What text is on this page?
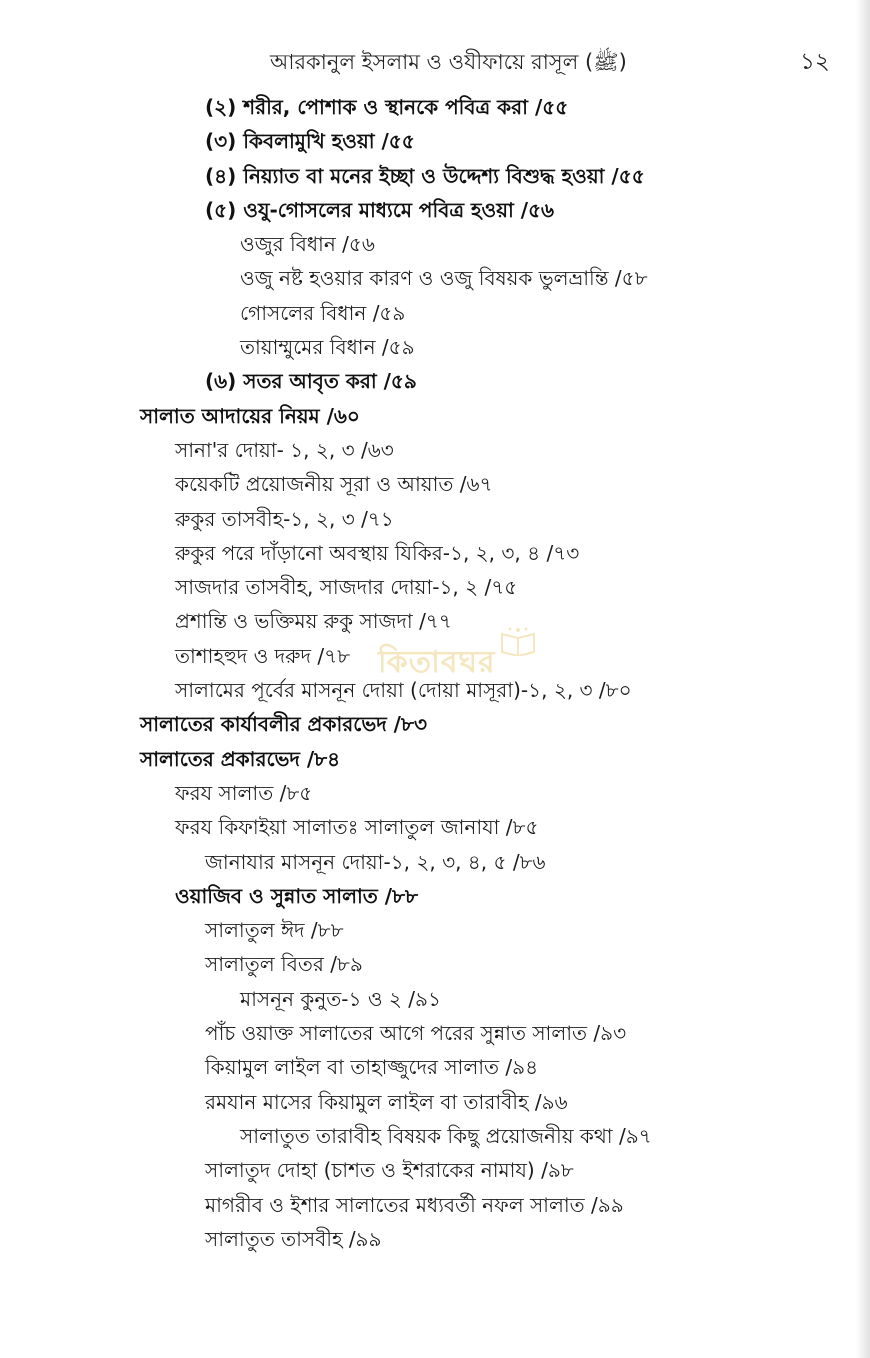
আরকানুল ইসলাম ও ওযীফায়ে রাসূল (ﷺ)	১২
(২) শরীর, পোশাক ও স্থানকে পবিত্র করা /৫৫
(৩) কিবলামুখি হওয়া /৫৫
(৪) নিয়্যাত বা মনের ইচ্ছা ও উদ্দেশ্য বিশুদ্ধ হওয়া /৫৫
(৫) ওযু-গোসলের মাধ্যমে পবিত্র হওয়া /৫৬
ওজুর বিধান /৫৬
ওজু নষ্ট হওয়ার কারণ ও ওজু বিষয়ক ভুলভ্রান্তি /৫৮
গোসলের বিধান /৫৯
তায়াম্মুমের বিধান /৫৯
(৬) সতর আবৃত করা /৫৯
সালাত আদায়ের নিয়ম /৬০
সানা'র দোয়া- ১, ২, ৩ /৬৩
কয়েকটি প্রয়োজনীয় সূরা ও আয়াত /৬৭
রুকুর তাসবীহ-১, ২, ৩ /৭১
রুকুর পরে দাঁড়ানো অবস্থায় যিকির-১, ২, ৩, ৪ /৭৩
সাজদার তাসবীহ, সাজদার দোয়া-১, ২ /৭৫
প্রশান্তি ও ভক্তিময় রুকু সাজদা /৭৭
তাশাহহুদ ও দরুদ /৭৮
সালামের পূর্বের মাসনূন দোয়া (দোয়া মাসূরা)-১, ২, ৩ /৮০
সালাতের কার্যাবলীর প্রকারভেদ /৮৩
সালাতের প্রকারভেদ /৮৪
ফরয সালাত /৮৫
ফরয কিফাইয়া সালাতঃ সালাতুল জানাযা /৮৫
জানাযার মাসনূন দোয়া-১, ২, ৩, ৪, ৫ /৮৬
ওয়াজিব ও সুন্নাত সালাত /৮৮
সালাতুল ঈদ /৮৮
সালাতুল বিতর /৮৯
মাসনূন কুনুত-১ ও ২ /৯১
পাঁচ ওয়াক্ত সালাতের আগে পরের সুন্নাত সালাত /৯৩
কিয়ামুল লাইল বা তাহাজ্জুদের সালাত /৯৪
রমযান মাসের কিয়ামুল লাইল বা তারাবীহ /৯৬
সালাতুত তারাবীহ বিষয়ক কিছু প্রয়োজনীয় কথা /৯৭
সালাতুদ দোহা (চাশত ও ইশরাকের নামায) /৯৮
মাগরীব ও ইশার সালাতের মধ্যবর্তী নফল সালাত /৯৯
সালাতুত তাসবীহ /৯৯
কিতাবঘর
